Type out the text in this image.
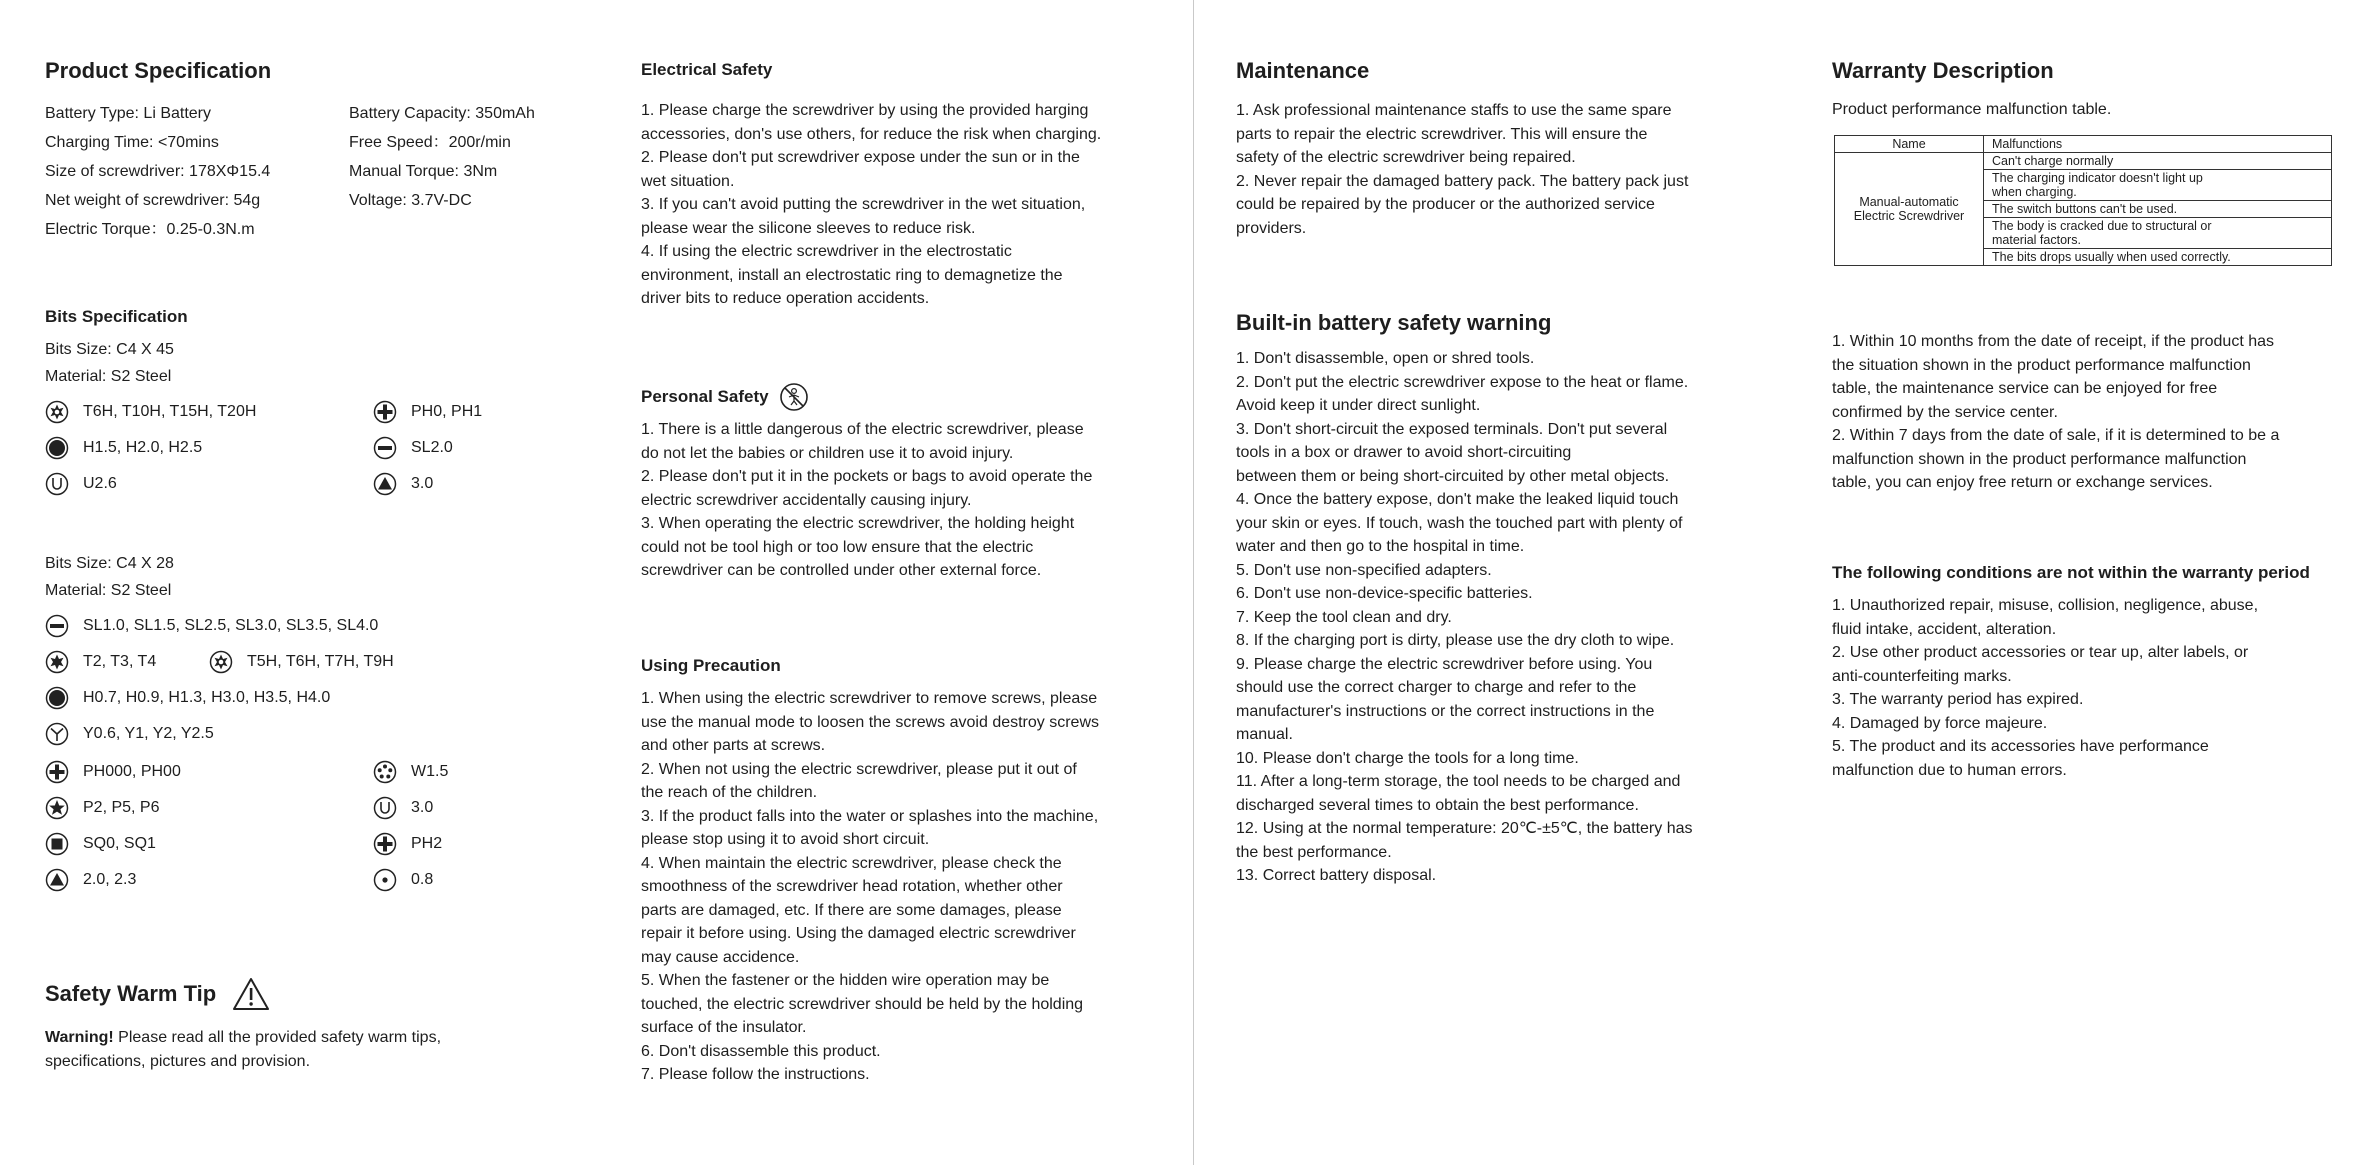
Product Specification
Battery Type: Li Battery
Charging Time: <70mins
Size of screwdriver: 178XΦ15.4
Net weight of screwdriver: 54g
Electric Torque：0.25-0.3N.m
Battery Capacity: 350mAh
Free Speed：200r/min
Manual Torque: 3Nm
Voltage: 3.7V-DC
Bits Specification
Bits Size: C4 X 45
Material: S2 Steel
T6H, T10H, T15H, T20H	PH0, PH1
H1.5, H2.0, H2.5	SL2.0
U2.6	3.0
Bits Size: C4 X 28
Material: S2 Steel
SL1.0, SL1.5, SL2.5, SL3.0, SL3.5, SL4.0
T2, T3, T4	T5H, T6H, T7H, T9H
H0.7, H0.9, H1.3, H3.0, H3.5, H4.0
Y0.6, Y1, Y2, Y2.5
PH000, PH00	W1.5
P2, P5, P6	3.0
SQ0, SQ1	PH2
2.0, 2.3	0.8
Safety Warm Tip
Warning! Please read all the provided safety warm tips,
specifications, pictures and provision.
Electrical Safety
1. Please charge the screwdriver by using the provided harging
accessories, don's use others, for reduce the risk when charging.
2. Please don't put screwdriver expose under the sun or in the
wet situation.
3. If you can't avoid putting the screwdriver in the wet situation,
please wear the silicone sleeves to reduce risk.
4. If using the electric screwdriver in the electrostatic
environment, install an electrostatic ring to demagnetize the
driver bits to reduce operation accidents.
Personal Safety
1. There is a little dangerous of the electric screwdriver, please
do not let the babies or children use it to avoid injury.
2. Please don't put it in the pockets or bags to avoid operate the
electric screwdriver accidentally causing injury.
3. When operating the electric screwdriver, the holding height
could not be tool high or too low ensure that the electric
screwdriver can be controlled under other external force.
Using Precaution
1. When using the electric screwdriver to remove screws, please
use the manual mode to loosen the screws avoid destroy screws
and other parts at screws.
2. When not using the electric screwdriver, please put it out of
the reach of the children.
3. If the product falls into the water or splashes into the machine,
please stop using it to avoid short circuit.
4. When maintain the electric screwdriver, please check the
smoothness of the screwdriver head rotation, whether other
parts are damaged, etc. If there are some damages, please
repair it before using. Using the damaged electric screwdriver
may cause accidence.
5. When the fastener or the hidden wire operation may be
touched, the electric screwdriver should be held by the holding
surface of the insulator.
6. Don't disassemble this product.
7. Please follow the instructions.
Maintenance
1. Ask professional maintenance staffs to use the same spare
parts to repair the electric screwdriver. This will ensure the
safety of the electric screwdriver being repaired.
2. Never repair the damaged battery pack. The battery pack just
could be repaired by the producer or the authorized service
providers.
Built-in battery safety warning
1. Don't disassemble, open or shred tools.
2. Don't put the electric screwdriver expose to the heat or flame.
Avoid keep it under direct sunlight.
3. Don't short-circuit the exposed terminals. Don't put several
tools in a box or drawer to avoid short-circuiting
between them or being short-circuited by other metal objects.
4. Once the battery expose, don't make the leaked liquid touch
your skin or eyes. If touch, wash the touched part with plenty of
water and then go to the hospital in time.
5. Don't use non-specified adapters.
6. Don't use non-device-specific batteries.
7. Keep the tool clean and dry.
8. If the charging port is dirty, please use the dry cloth to wipe.
9. Please charge the electric screwdriver before using. You
should use the correct charger to charge and refer to the
manufacturer's instructions or the correct instructions in the
manual.
10. Please don't charge the tools for a long time.
11. After a long-term storage, the tool needs to be charged and
discharged several times to obtain the best performance.
12. Using at the normal temperature: 20℃-±5℃, the battery has
the best performance.
13. Correct battery disposal.
Warranty Description
Product performance malfunction table.
Name	Malfunctions

Manual-automatic
Electric Screwdriver	Can't charge normally

	The charging indicator doesn't light up
when charging.

	The switch buttons can't be used.

	The body is cracked due to structural or
material factors.

	The bits drops usually when used correctly.
1. Within 10 months from the date of receipt, if the product has
the situation shown in the product performance malfunction
table, the maintenance service can be enjoyed for free
confirmed by the service center.
2. Within 7 days from the date of sale, if it is determined to be a
malfunction shown in the product performance malfunction
table, you can enjoy free return or exchange services.
The following conditions are not within the warranty period
1. Unauthorized repair, misuse, collision, negligence, abuse,
fluid intake, accident, alteration.
2. Use other product accessories or tear up, alter labels, or
anti-counterfeiting marks.
3. The warranty period has expired.
4. Damaged by force majeure.
5. The product and its accessories have performance
malfunction due to human errors.
